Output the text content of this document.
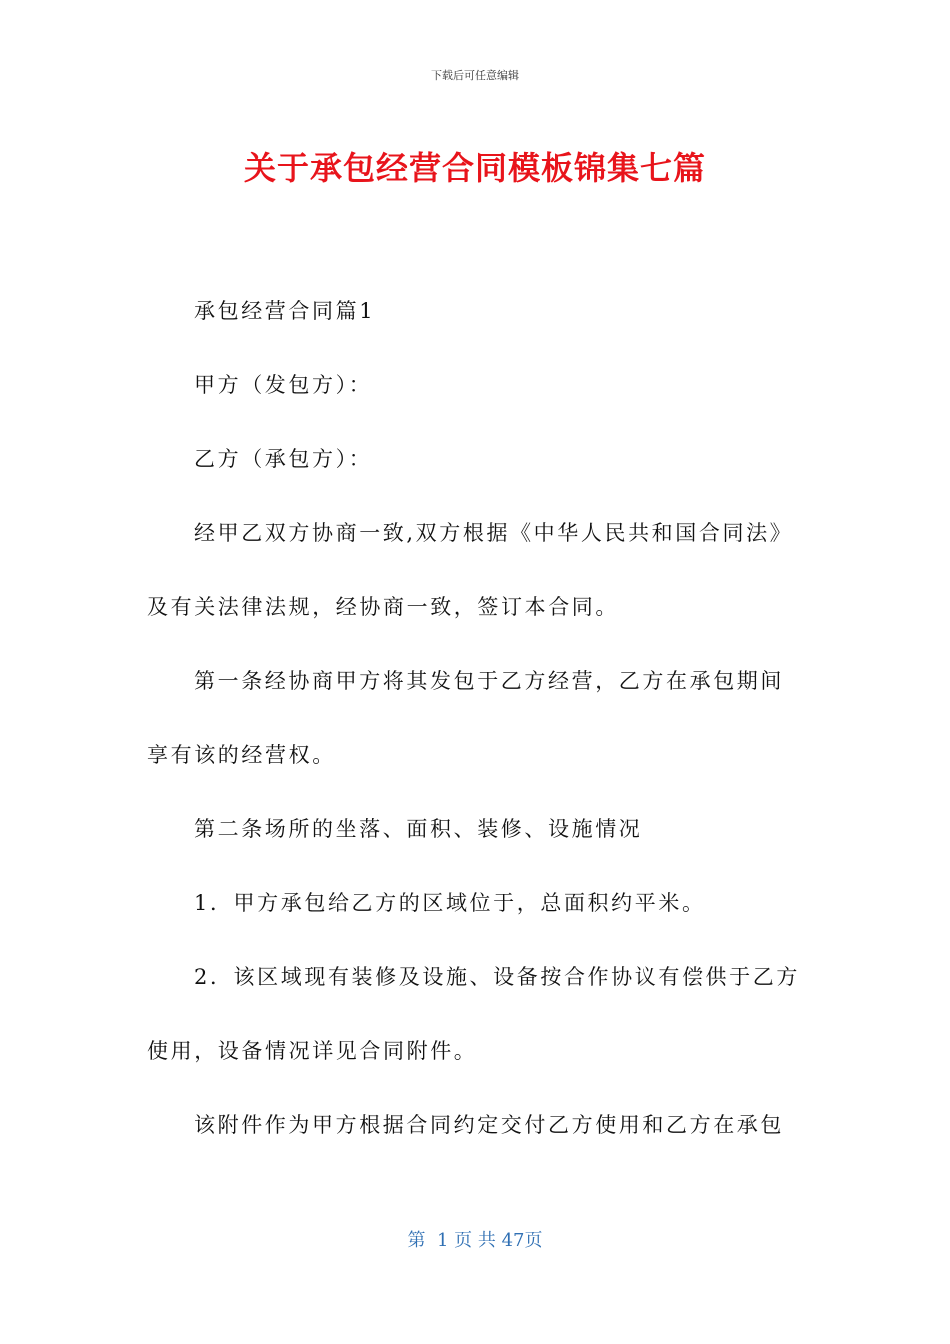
下载后可任意编辑
关于承包经营合同模板锦集七篇

承包经营合同篇1

甲方（发包方）：

乙方（承包方）：

经甲乙双方协商一致,双方根据《中华人民共和国合同法》及有关法律法规，经协商一致，签订本合同。

第一条经协商甲方将其发包于乙方经营，乙方在承包期间享有该的经营权。

第二条场所的坐落、面积、装修、设施情况

1．甲方承包给乙方的区域位于，总面积约平米。

2．该区域现有装修及设施、设备按合作协议有偿供于乙方使用，设备情况详见合同附件。

该附件作为甲方根据合同约定交付乙方使用和乙方在承包

第  1 页 共 47页
